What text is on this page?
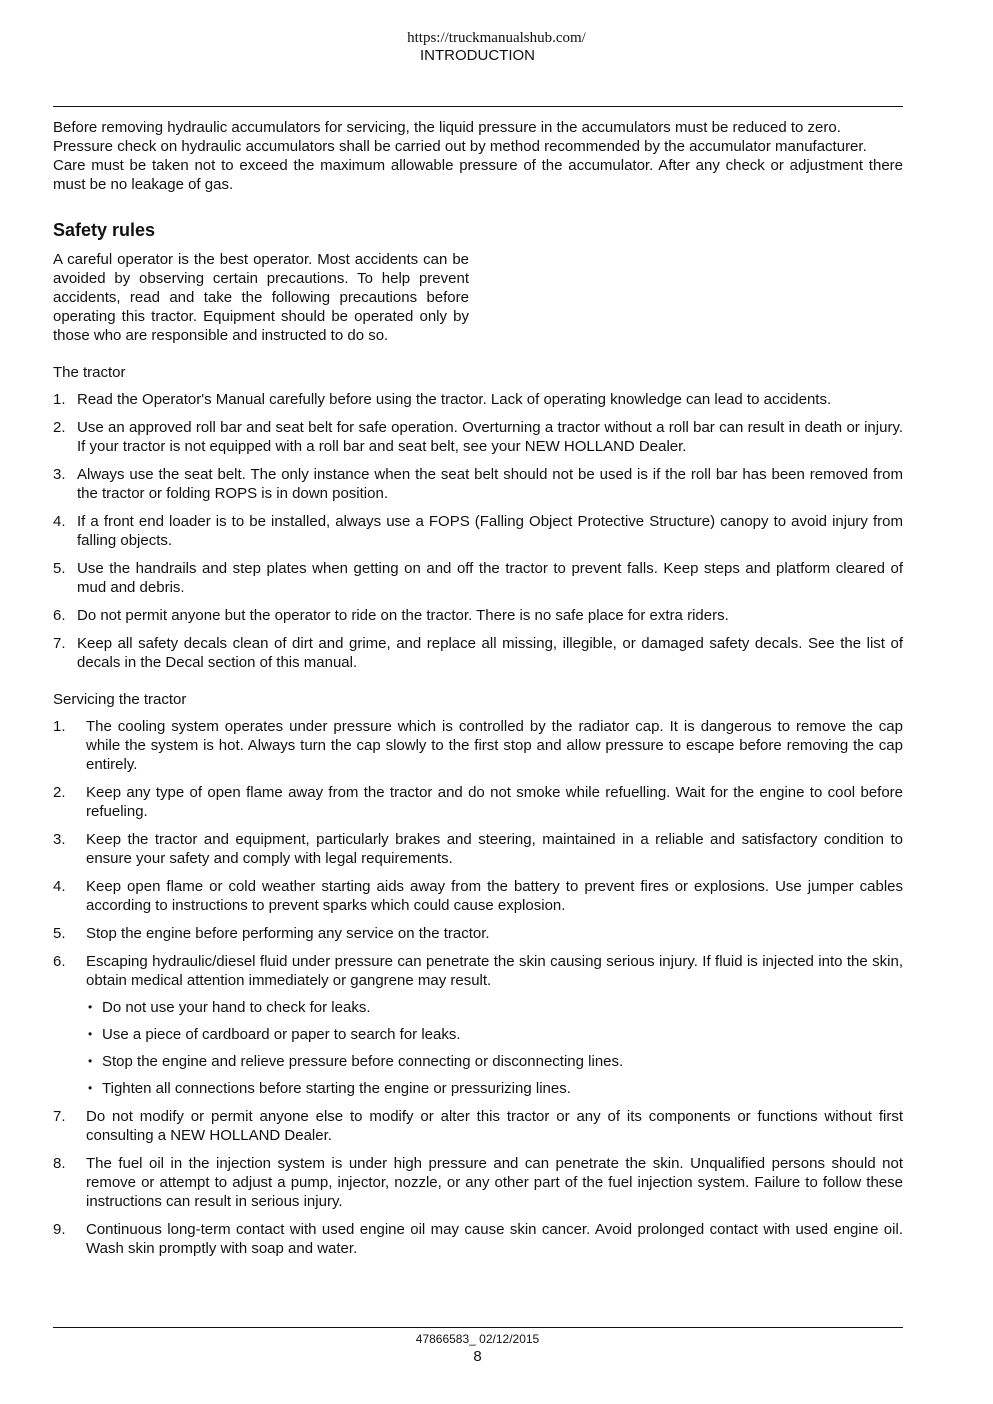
https://truckmanualshub.com/
INTRODUCTION

Before removing hydraulic accumulators for servicing, the liquid pressure in the accumulators must be reduced to zero.

Pressure check on hydraulic accumulators shall be carried out by method recommended by the accumulator manufacturer.

Care must be taken not to exceed the maximum allowable pressure of the accumulator. After any check or adjustment there must be no leakage of gas.

Safety rules

A careful operator is the best operator. Most accidents can be avoided by observing certain precautions. To help prevent accidents, read and take the following precautions before operating this tractor. Equipment should be operated only by those who are responsible and instructed to do so.

The tractor

1. Read the Operator's Manual carefully before using the tractor. Lack of operating knowledge can lead to accidents.
2. Use an approved roll bar and seat belt for safe operation. Overturning a tractor without a roll bar can result in death or injury. If your tractor is not equipped with a roll bar and seat belt, see your NEW HOLLAND Dealer.
3. Always use the seat belt. The only instance when the seat belt should not be used is if the roll bar has been removed from the tractor or folding ROPS is in down position.
4. If a front end loader is to be installed, always use a FOPS (Falling Object Protective Structure) canopy to avoid injury from falling objects.
5. Use the handrails and step plates when getting on and off the tractor to prevent falls. Keep steps and platform cleared of mud and debris.
6. Do not permit anyone but the operator to ride on the tractor. There is no safe place for extra riders.
7. Keep all safety decals clean of dirt and grime, and replace all missing, illegible, or damaged safety decals. See the list of decals in the Decal section of this manual.

Servicing the tractor

1. The cooling system operates under pressure which is controlled by the radiator cap. It is dangerous to remove the cap while the system is hot. Always turn the cap slowly to the first stop and allow pressure to escape before removing the cap entirely.
2. Keep any type of open flame away from the tractor and do not smoke while refuelling. Wait for the engine to cool before refueling.
3. Keep the tractor and equipment, particularly brakes and steering, maintained in a reliable and satisfactory condition to ensure your safety and comply with legal requirements.
4. Keep open flame or cold weather starting aids away from the battery to prevent fires or explosions. Use jumper cables according to instructions to prevent sparks which could cause explosion.
5. Stop the engine before performing any service on the tractor.
6. Escaping hydraulic/diesel fluid under pressure can penetrate the skin causing serious injury. If fluid is injected into the skin, obtain medical attention immediately or gangrene may result.
• Do not use your hand to check for leaks.
• Use a piece of cardboard or paper to search for leaks.
• Stop the engine and relieve pressure before connecting or disconnecting lines.
• Tighten all connections before starting the engine or pressurizing lines.
7. Do not modify or permit anyone else to modify or alter this tractor or any of its components or functions without first consulting a NEW HOLLAND Dealer.
8. The fuel oil in the injection system is under high pressure and can penetrate the skin. Unqualified persons should not remove or attempt to adjust a pump, injector, nozzle, or any other part of the fuel injection system. Failure to follow these instructions can result in serious injury.
9. Continuous long-term contact with used engine oil may cause skin cancer. Avoid prolonged contact with used engine oil. Wash skin promptly with soap and water.
47866583_ 02/12/2015
8
